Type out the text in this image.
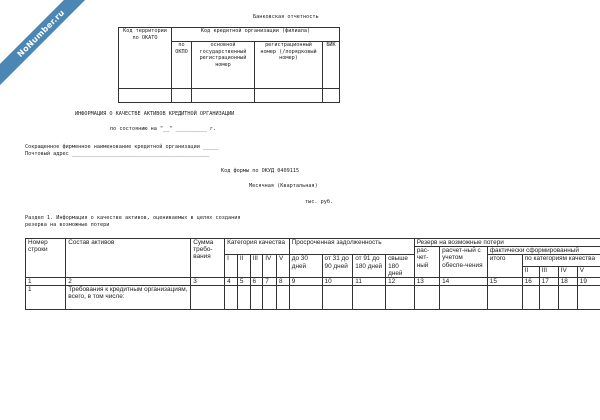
NoNumber.ru	Банковская отчетность
Код территории по ОКАТО	Код кредитной организации (филиала)			
	по ОКПО	основной государственный регистрационный номер	регистрационный номер (/порядковый номер)	БИК

ИНФОРМАЦИЯ О КАЧЕСТВЕ АКТИВОВ КРЕДИТНОЙ ОРГАНИЗАЦИИ
по состоянию на "__" __________ г.
Сокращенное фирменное наименование кредитной организации _____
Почтовый адрес ____________________________________________
Код формы по ОКУД 0409115
Месячная (Квартальная)
тыс. руб.
Раздел 1. Информация о качестве активов, оцениваемых в целях создания
резерва на возможные потери
Номер строки	Состав активов	Сумма требо-вания	Категория качества					Просроченная задолженность				Резерв на возможные потери						
												рас-чет-ный	расчет-ный с учетом обеспе-чения	фактически сформированный				
			I	II	III	IV	V	до 30 дней	от 31 до 90 дней	от 91 до 180 дней	свыше 180 дней			итого	по категориям качества			
															II	III	IV	V
1	2	3	4	5	6	7	8	9	10	11	12	13	14	15	16	17	18	19
1	Требования к кредитным организациям, всего, в том числе:																	
